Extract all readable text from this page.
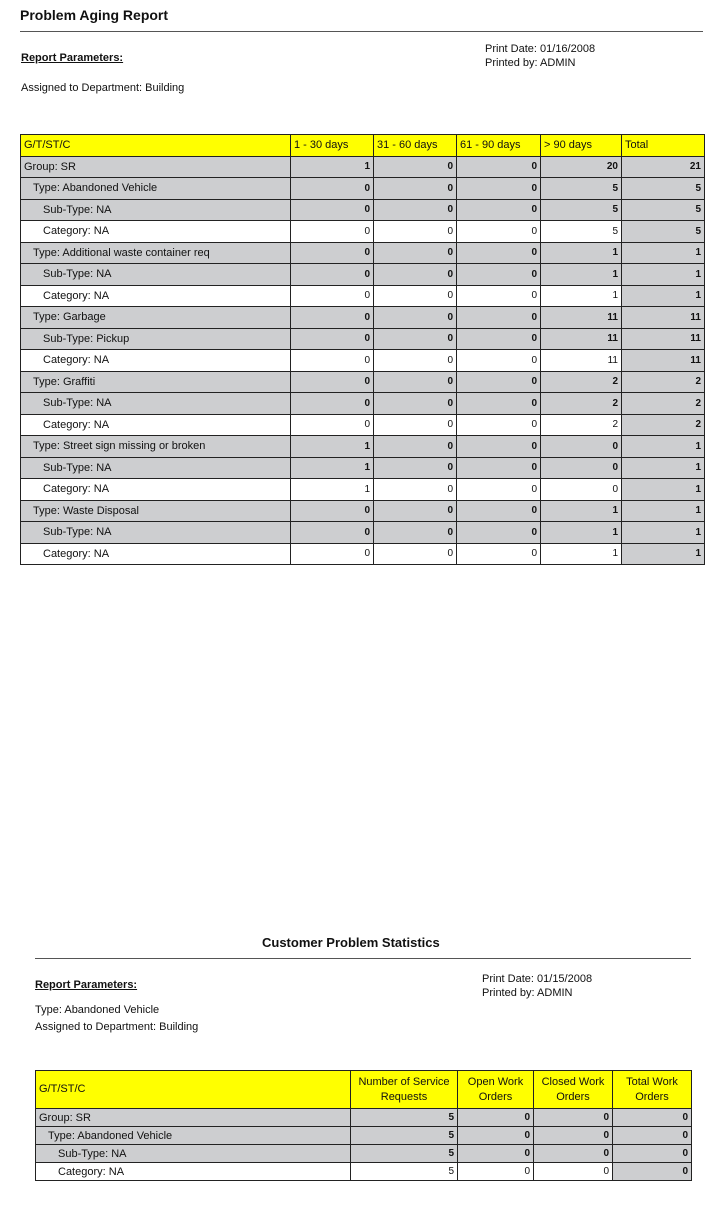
Problem Aging Report
Report Parameters:
Assigned to Department: Building
Print Date: 01/16/2008
Printed by: ADMIN
G/T/ST/C	1 - 30 days	31 - 60 days	61 - 90 days	> 90 days	Total
Group: SR	1	0	0	20	21
Type: Abandoned Vehicle	0	0	0	5	5
Sub-Type: NA	0	0	0	5	5
Category: NA	0	0	0	5	5
Type: Additional waste container req	0	0	0	1	1
Sub-Type: NA	0	0	0	1	1
Category: NA	0	0	0	1	1
Type: Garbage	0	0	0	11	11
Sub-Type: Pickup	0	0	0	11	11
Category: NA	0	0	0	11	11
Type: Graffiti	0	0	0	2	2
Sub-Type: NA	0	0	0	2	2
Category: NA	0	0	0	2	2
Type: Street sign missing or broken	1	0	0	0	1
Sub-Type: NA	1	0	0	0	1
Category: NA	1	0	0	0	1
Type: Waste Disposal	0	0	0	1	1
Sub-Type: NA	0	0	0	1	1
Category: NA	0	0	0	1	1
Customer Problem Statistics
Report Parameters:
Type: Abandoned Vehicle
Assigned to Department: Building
Print Date: 01/15/2008
Printed by: ADMIN
G/T/ST/C	Number of Service Requests	Open Work Orders	Closed Work Orders	Total Work Orders
Group: SR	5	0	0	0
Type: Abandoned Vehicle	5	0	0	0
Sub-Type: NA	5	0	0	0
Category: NA	5	0	0	0
